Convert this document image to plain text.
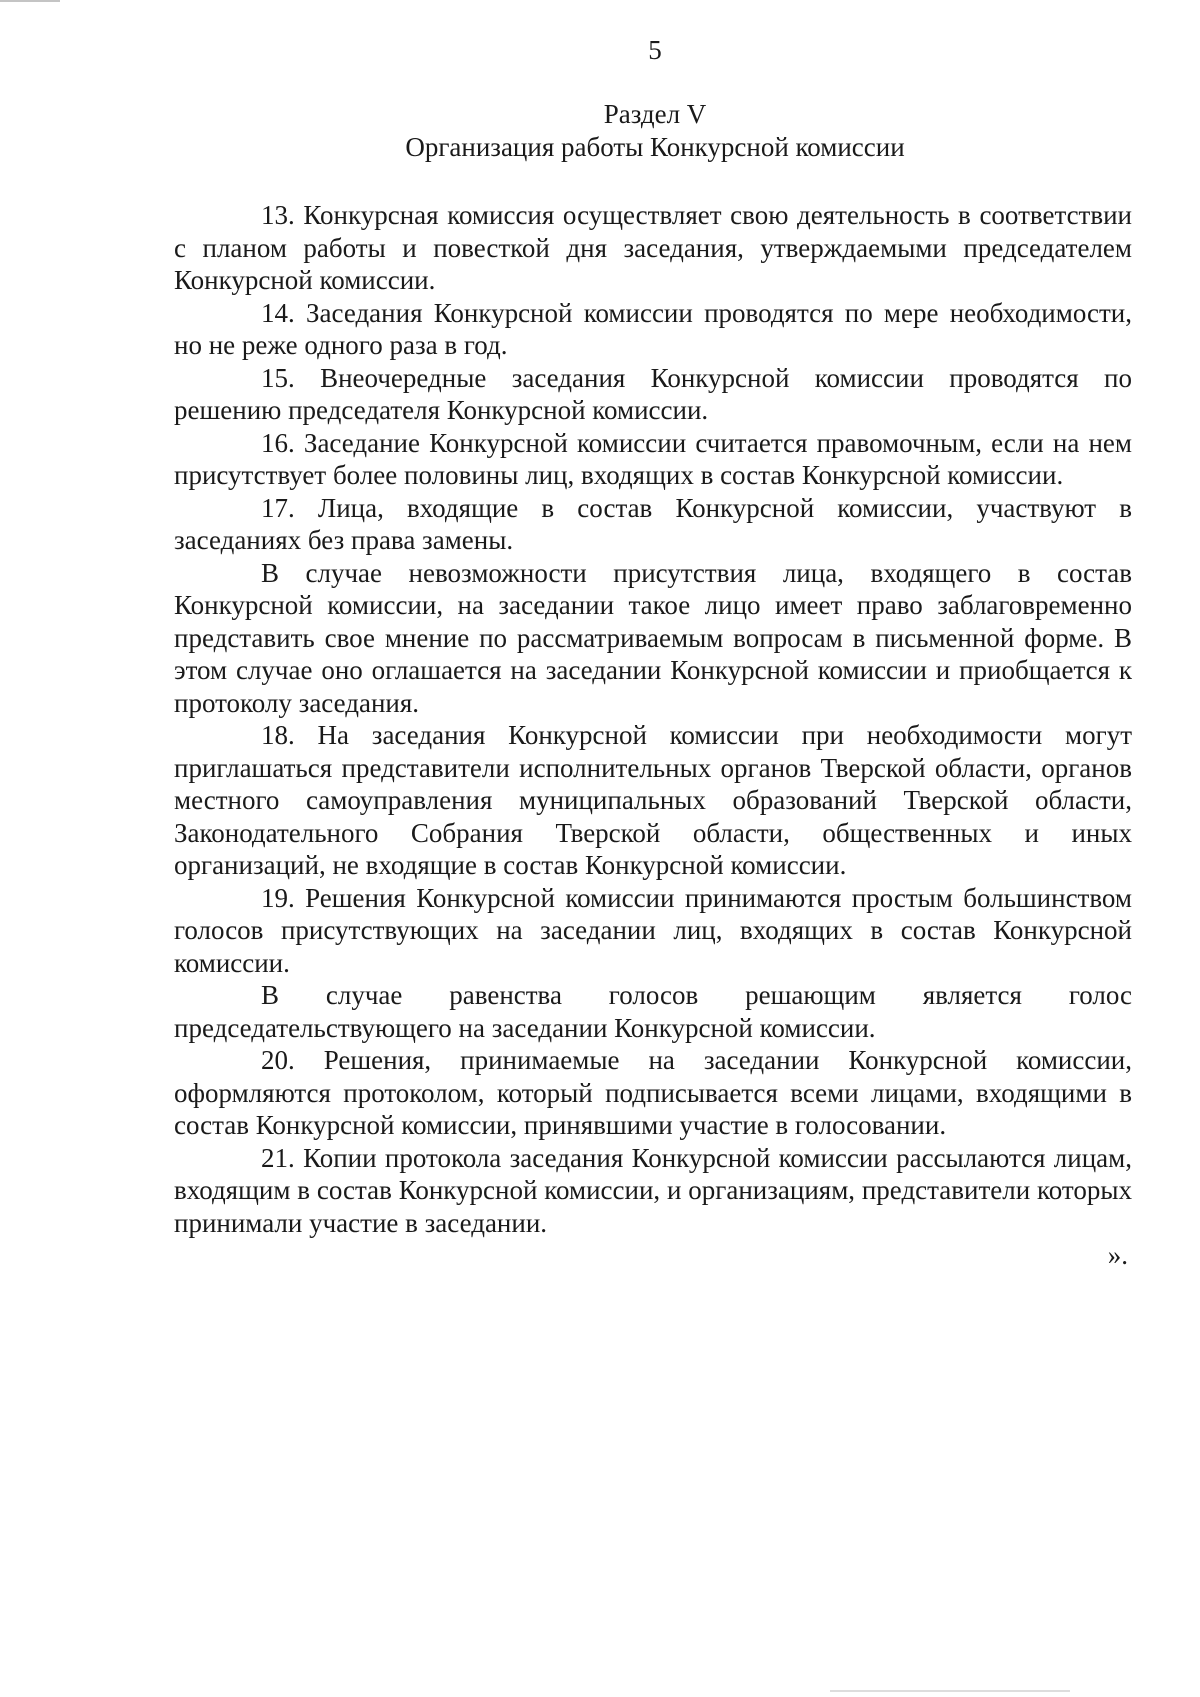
5
Раздел V
Организация работы Конкурсной комиссии

13. Конкурсная комиссия осуществляет свою деятельность в соответствии с планом работы и повесткой дня заседания, утверждаемыми председателем Конкурсной комиссии.

14. Заседания Конкурсной комиссии проводятся по мере необходимости, но не реже одного раза в год.

15. Внеочередные заседания Конкурсной комиссии проводятся по решению председателя Конкурсной комиссии.

16. Заседание Конкурсной комиссии считается правомочным, если на нем присутствует более половины лиц, входящих в состав Конкурсной комиссии.

17. Лица, входящие в состав Конкурсной комиссии, участвуют в заседаниях без права замены.

В случае невозможности присутствия лица, входящего в состав Конкурсной комиссии, на заседании такое лицо имеет право заблаговременно представить свое мнение по рассматриваемым вопросам в письменной форме. В этом случае оно оглашается на заседании Конкурсной комиссии и приобщается к протоколу заседания.

18. На заседания Конкурсной комиссии при необходимости могут приглашаться представители исполнительных органов Тверской области, органов местного самоуправления муниципальных образований Тверской области, Законодательного Собрания Тверской области, общественных и иных организаций, не входящие в состав Конкурсной комиссии.

19. Решения Конкурсной комиссии принимаются простым большинством голосов присутствующих на заседании лиц, входящих в состав Конкурсной комиссии.

В случае равенства голосов решающим является голос председательствующего на заседании Конкурсной комиссии.

20. Решения, принимаемые на заседании Конкурсной комиссии, оформляются протоколом, который подписывается всеми лицами, входящими в состав Конкурсной комиссии, принявшими участие в голосовании.

21. Копии протокола заседания Конкурсной комиссии рассылаются лицам, входящим в состав Конкурсной комиссии, и организациям, представители которых принимали участие в заседании.

».
